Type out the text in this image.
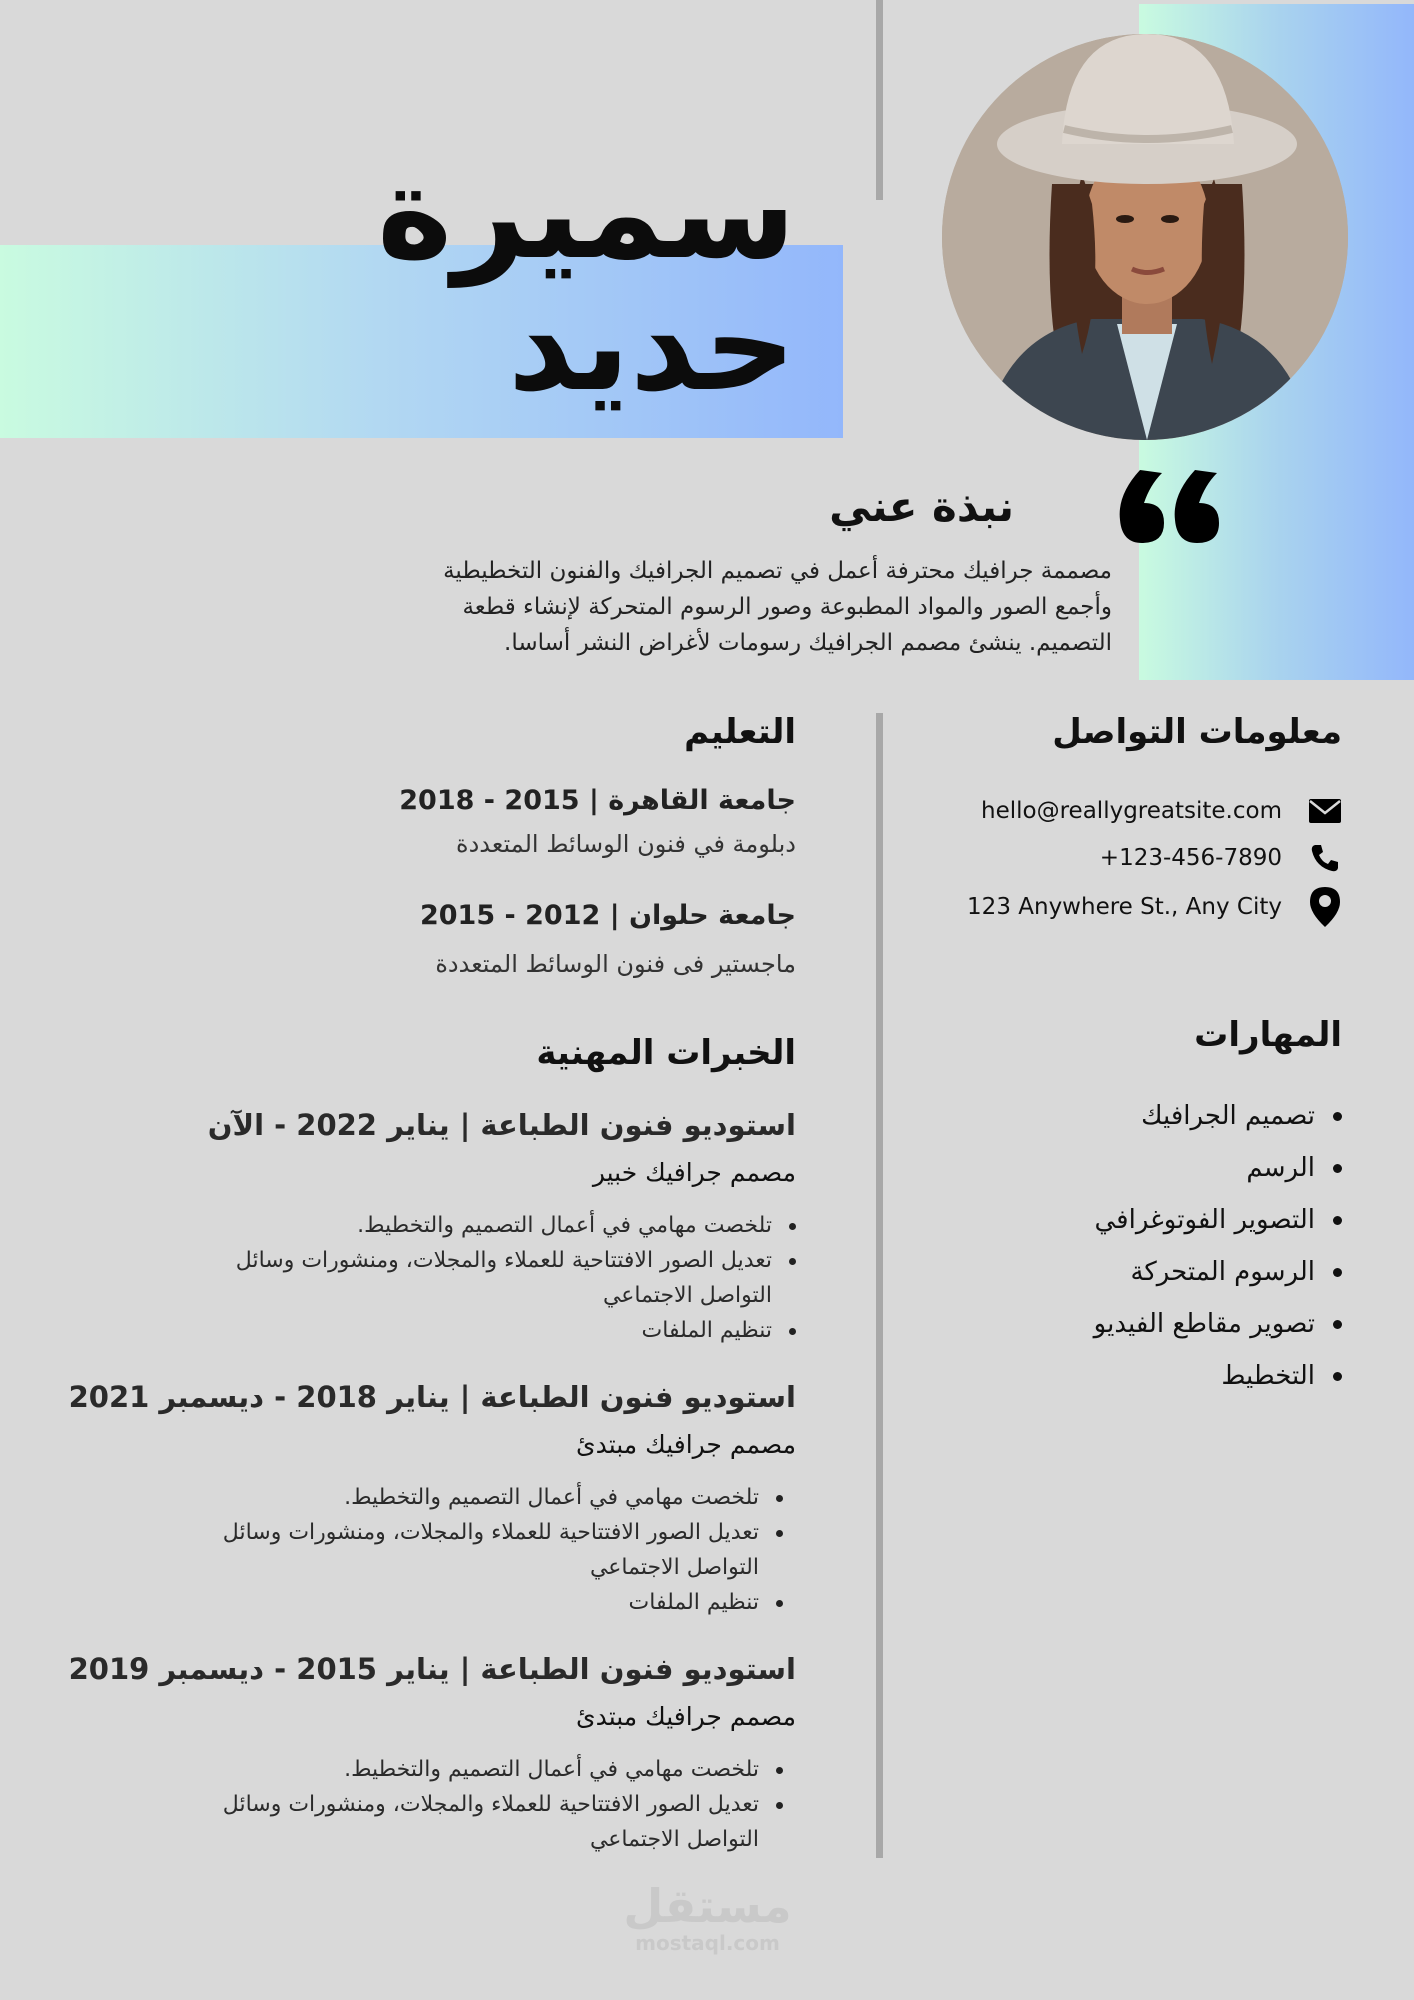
سميرة
حديد
نبذة عني
مصممة جرافيك محترفة أعمل في تصميم الجرافيك والفنون التخطيطية
وأجمع الصور والمواد المطبوعة وصور الرسوم المتحركة لإنشاء قطعة
التصميم. ينشئ مصمم الجرافيك رسومات لأغراض النشر أساسا.
معلومات التواصل
hello@reallygreatsite.com
+123-456-7890
123 Anywhere St., Any City
المهارات
تصميم الجرافيك
الرسم
التصوير الفوتوغرافي
الرسوم المتحركة
تصوير مقاطع الفيديو
التخطيط
التعليم
جامعة القاهرة | 2015 - 2018
دبلومة في فنون الوسائط المتعددة
جامعة حلوان | 2012 - 2015
ماجستير فى فنون الوسائط المتعددة
الخبرات المهنية
استوديو فنون الطباعة | يناير 2022 - الآن
مصمم جرافيك خبير
تلخصت مهامي في أعمال التصميم والتخطيط.
تعديل الصور الافتتاحية للعملاء والمجلات، ومنشورات وسائل التواصل الاجتماعي
تنظيم الملفات
استوديو فنون الطباعة | يناير 2018 - ديسمبر 2021
مصمم جرافيك مبتدئ
تلخصت مهامي في أعمال التصميم والتخطيط.
تعديل الصور الافتتاحية للعملاء والمجلات، ومنشورات وسائل التواصل الاجتماعي
تنظيم الملفات
استوديو فنون الطباعة | يناير 2015 - ديسمبر 2019
مصمم جرافيك مبتدئ
تلخصت مهامي في أعمال التصميم والتخطيط.
تعديل الصور الافتتاحية للعملاء والمجلات، ومنشورات وسائل التواصل الاجتماعي
مستقل
mostaql.com
